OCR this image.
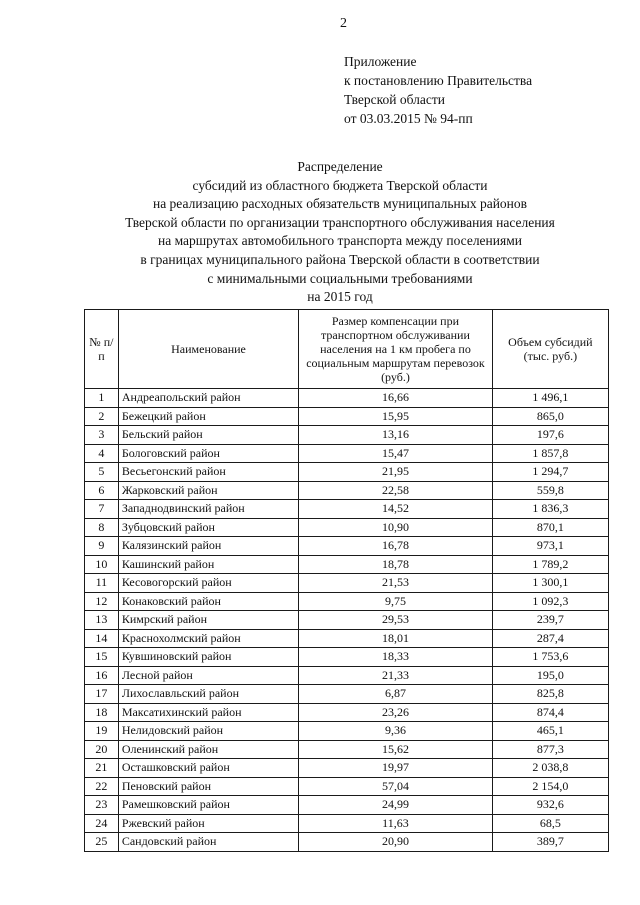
2
Приложение
к постановлению Правительства
Тверской области
от 03.03.2015 № 94-пп
Распределение
субсидий из областного бюджета Тверской области
на реализацию расходных обязательств муниципальных районов
Тверской области по организации транспортного обслуживания населения
на маршрутах автомобильного транспорта между поселениями
в границах муниципального района Тверской области в соответствии
с минимальными социальными требованиями
на 2015 год
№ п/п	Наименование	Размер компенсации при транспортном обслуживании населения на 1 км пробега по социальным маршрутам перевозок (руб.)	Объем субсидий (тыс. руб.)
1	Андреапольский район	16,66	1 496,1
2	Бежецкий район	15,95	865,0
3	Бельский район	13,16	197,6
4	Бологовский район	15,47	1 857,8
5	Весьегонский район	21,95	1 294,7
6	Жарковский район	22,58	559,8
7	Западнодвинский район	14,52	1 836,3
8	Зубцовский район	10,90	870,1
9	Калязинский район	16,78	973,1
10	Кашинский район	18,78	1 789,2
11	Кесовогорский район	21,53	1 300,1
12	Конаковский район	9,75	1 092,3
13	Кимрский район	29,53	239,7
14	Краснохолмский район	18,01	287,4
15	Кувшиновский район	18,33	1 753,6
16	Лесной район	21,33	195,0
17	Лихославльский район	6,87	825,8
18	Максатихинский район	23,26	874,4
19	Нелидовский район	9,36	465,1
20	Оленинский район	15,62	877,3
21	Осташковский район	19,97	2 038,8
22	Пеновский район	57,04	2 154,0
23	Рамешковский район	24,99	932,6
24	Ржевский район	11,63	68,5
25	Сандовский район	20,90	389,7
